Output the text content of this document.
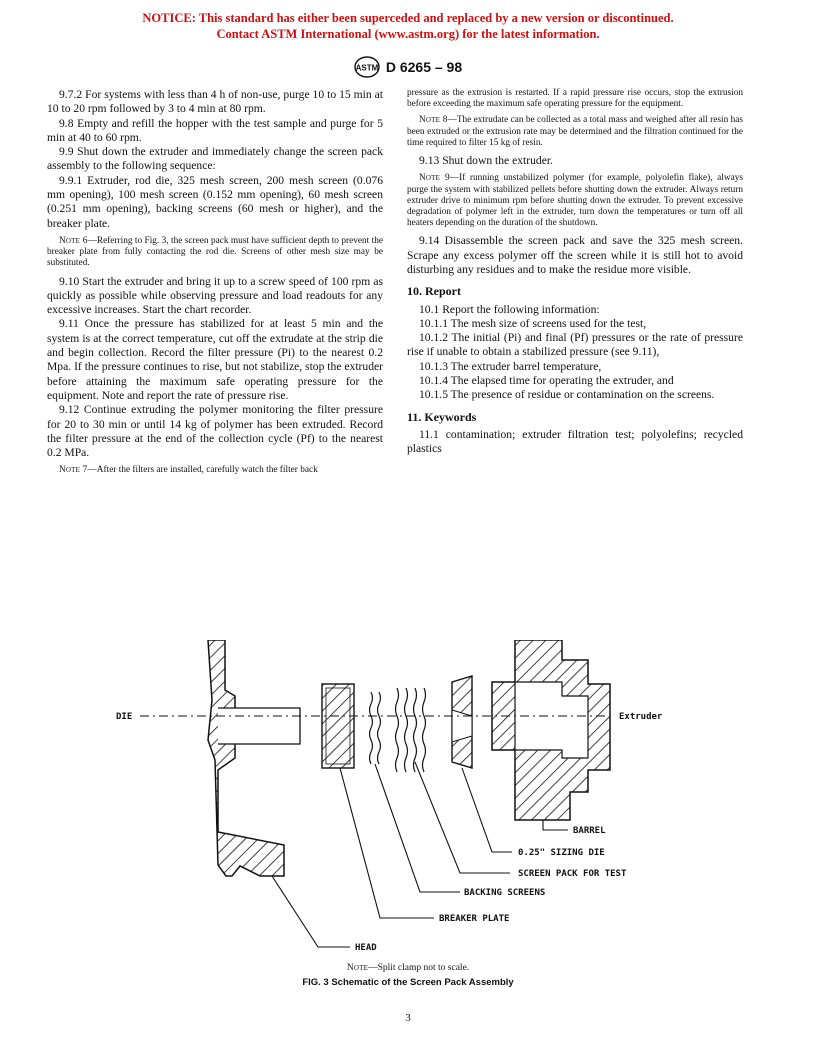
NOTICE: This standard has either been superceded and replaced by a new version or discontinued.
Contact ASTM International (www.astm.org) for the latest information.
ASTM D 6265 – 98

9.7.2 For systems with less than 4 h of non-use, purge 10 to 15 min at 10 to 20 rpm followed by 3 to 4 min at 80 rpm.

9.8 Empty and refill the hopper with the test sample and purge for 5 min at 40 to 60 rpm.

9.9 Shut down the extruder and immediately change the screen pack assembly to the following sequence:

9.9.1 Extruder, rod die, 325 mesh screen, 200 mesh screen (0.076 mm opening), 100 mesh screen (0.152 mm opening), 60 mesh screen (0.251 mm opening), backing screens (60 mesh or higher), and the breaker plate.

Note 6—Referring to Fig. 3, the screen pack must have sufficient depth to prevent the breaker plate from fully contacting the rod die. Screens of other mesh size may be substituted.

9.10 Start the extruder and bring it up to a screw speed of 100 rpm as quickly as possible while observing pressure and load readouts for any excessive increases. Start the chart recorder.

9.11 Once the pressure has stabilized for at least 5 min and the system is at the correct temperature, cut off the extrudate at the strip die and begin collection. Record the filter pressure (Pi) to the nearest 0.2 Mpa. If the pressure continues to rise, but not stabilize, stop the extruder before attaining the maximum safe operating pressure for the equipment. Note and report the rate of pressure rise.

9.12 Continue extruding the polymer monitoring the filter pressure for 20 to 30 min or until 14 kg of polymer has been extruded. Record the filter pressure at the end of the collection cycle (Pf) to the nearest 0.2 MPa.

Note 7—After the filters are installed, carefully watch the filter back

pressure as the extrusion is restarted. If a rapid pressure rise occurs, stop the extrusion before exceeding the maximum safe operating pressure for the equipment.

Note 8—The extrudate can be collected as a total mass and weighed after all resin has been extruded or the extrusion rate may be determined and the filtration continued for the time required to filter 15 kg of resin.

9.13 Shut down the extruder.

Note 9—If running unstabilized polymer (for example, polyolefin flake), always purge the system with stabilized pellets before shutting down the extruder. Always return extruder drive to minimum rpm before shutting down the extruder. To prevent excessive degradation of polymer left in the extruder, turn down the temperatures or turn off all heaters depending on the duration of the shutdown.

9.14 Disassemble the screen pack and save the 325 mesh screen. Scrape any excess polymer off the screen while it is still hot to avoid disturbing any residues and to make the residue more visible.

10. Report

10.1 Report the following information:

10.1.1 The mesh size of screens used for the test,

10.1.2 The initial (Pi) and final (Pf) pressures or the rate of pressure rise if unable to obtain a stabilized pressure (see 9.11),

10.1.3 The extruder barrel temperature,

10.1.4 The elapsed time for operating the extruder, and

10.1.5 The presence of residue or contamination on the screens.

11. Keywords

11.1 contamination; extruder filtration test; polyolefins; recycled plastics

DIE	Extruder
BARREL
0.25" SIZING DIE
SCREEN PACK FOR TEST
BACKING SCREENS
BREAKER PLATE
HEAD
Note—Split clamp not to scale.
FIG. 3 Schematic of the Screen Pack Assembly
3
